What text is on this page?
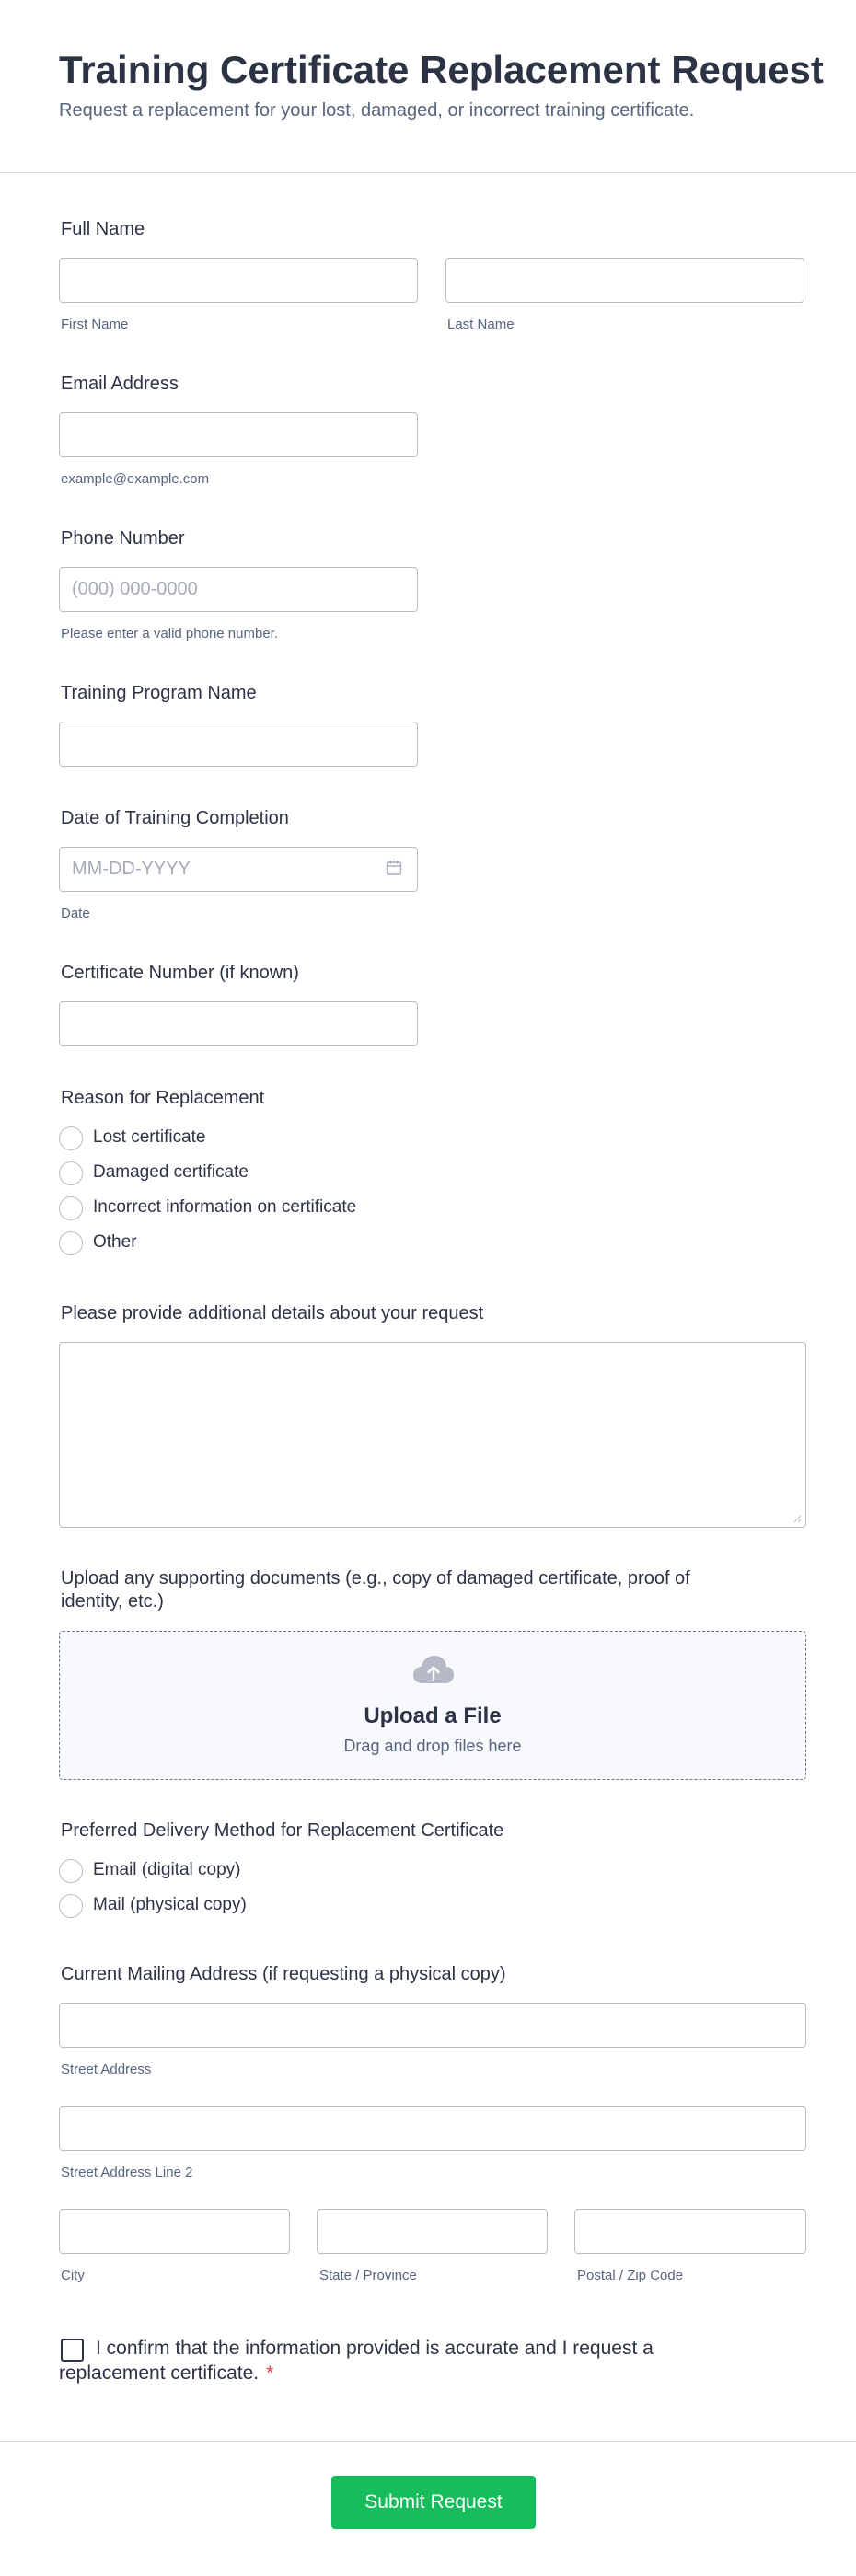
Training Certificate Replacement Request
Request a replacement for your lost, damaged, or incorrect training certificate.
Full Name
First Name	Last Name
Email Address
example@example.com
Phone Number
(000) 000-0000
Please enter a valid phone number.
Training Program Name
Date of Training Completion
MM-DD-YYYY
Date
Certificate Number (if known)
Reason for Replacement
Lost certificate
Damaged certificate
Incorrect information on certificate
Other
Please provide additional details about your request
Upload any supporting documents (e.g., copy of damaged certificate, proof of
identity, etc.)
Upload a File
Drag and drop files here
Preferred Delivery Method for Replacement Certificate
Email (digital copy)
Mail (physical copy)
Current Mailing Address (if requesting a physical copy)
Street Address
Street Address Line 2
City	State / Province	Postal / Zip Code
I confirm that the information provided is accurate and I request a
replacement certificate. *
Submit Request
